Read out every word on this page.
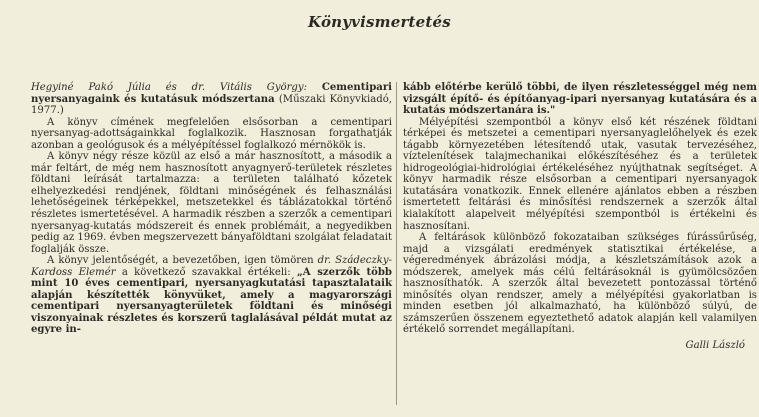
Könyvismertetés

Hegyiné Pakó Júlia és dr. Vitális György: Cementipari nyersanyagaink és kutatásuk módszertana (Műszaki Könyvkiadó, 1977.)

A könyv címének megfelelően elsősorban a cementipari nyersanyag-adottságainkkal foglalkozik. Hasznosan forgathatják azonban a geológusok és a mélyépítéssel foglalkozó mérnökök is.

A könyv négy része közül az első a már hasznosított, a második a már feltárt, de még nem hasznosított anyagnyerő-területek részletes földtani leírását tartalmazza: a területen található kőzetek elhelyezkedési rendjének, földtani minőségének és felhasználási lehetőségeinek térképekkel, metszetekkel és táblázatokkal történő részletes ismertetésével. A harmadik részben a szerzők a cementipari nyersanyag-kutatás módszereit és ennek problémáit, a negyedikben pedig az 1969. évben megszervezett bányaföldtani szolgálat feladatait foglalják össze.

A könyv jelentőségét, a bevezetőben, igen tömören dr. Szádeczky-Kardoss Elemér a következő szavakkal értékeli: „A szerzők több mint 10 éves cementipari, nyersanyagkutatási tapasztalataik alapján készítették könyvüket, amely a magyarországi cementipari nyersanyagterületek földtani és minőségi viszonyainak részletes és korszerű taglalásával példát mutat az egyre in-

kább előtérbe kerülő többi, de ilyen részletességgel még nem vizsgált építő- és építőanyag-ipari nyersanyag kutatására és a kutatás módszertanára is."

Mélyépítési szempontból a könyv első két részének földtani térképei és metszetei a cementipari nyersanyaglelőhelyek és ezek tágabb környezetében létesítendő utak, vasutak tervezéséhez, víztelenítések talajmechanikai előkészítéséhez és a területek hidrogeológiai-hidrológiai értékeléséhez nyújthatnak segítséget. A könyv harmadik része elsősorban a cementipari nyersanyagok kutatására vonatkozik. Ennek ellenére ajánlatos ebben a részben ismertetett feltárási és minősítési rendszernek a szerzők által kialakított alapelveit mélyépítési szempontból is értékelni és hasznosítani.

A feltárások különböző fokozataiban szükséges fúrássűrűség, majd a vizsgálati eredmények statisztikai értékelése, a végeredmények ábrázolási módja, a készletszámítások azok a módszerek, amelyek más célú feltárásoknál is gyümölcsözően hasznosíthatók. A szerzők által bevezetett pontozással történő minősítés olyan rendszer, amely a mélyépítési gyakorlatban is minden esetben jól alkalmazható, ha különböző súlyú, de számszerűen összenem egyeztethető adatok alapján kell valamilyen értékelő sorrendet megállapítani.

Galli László
